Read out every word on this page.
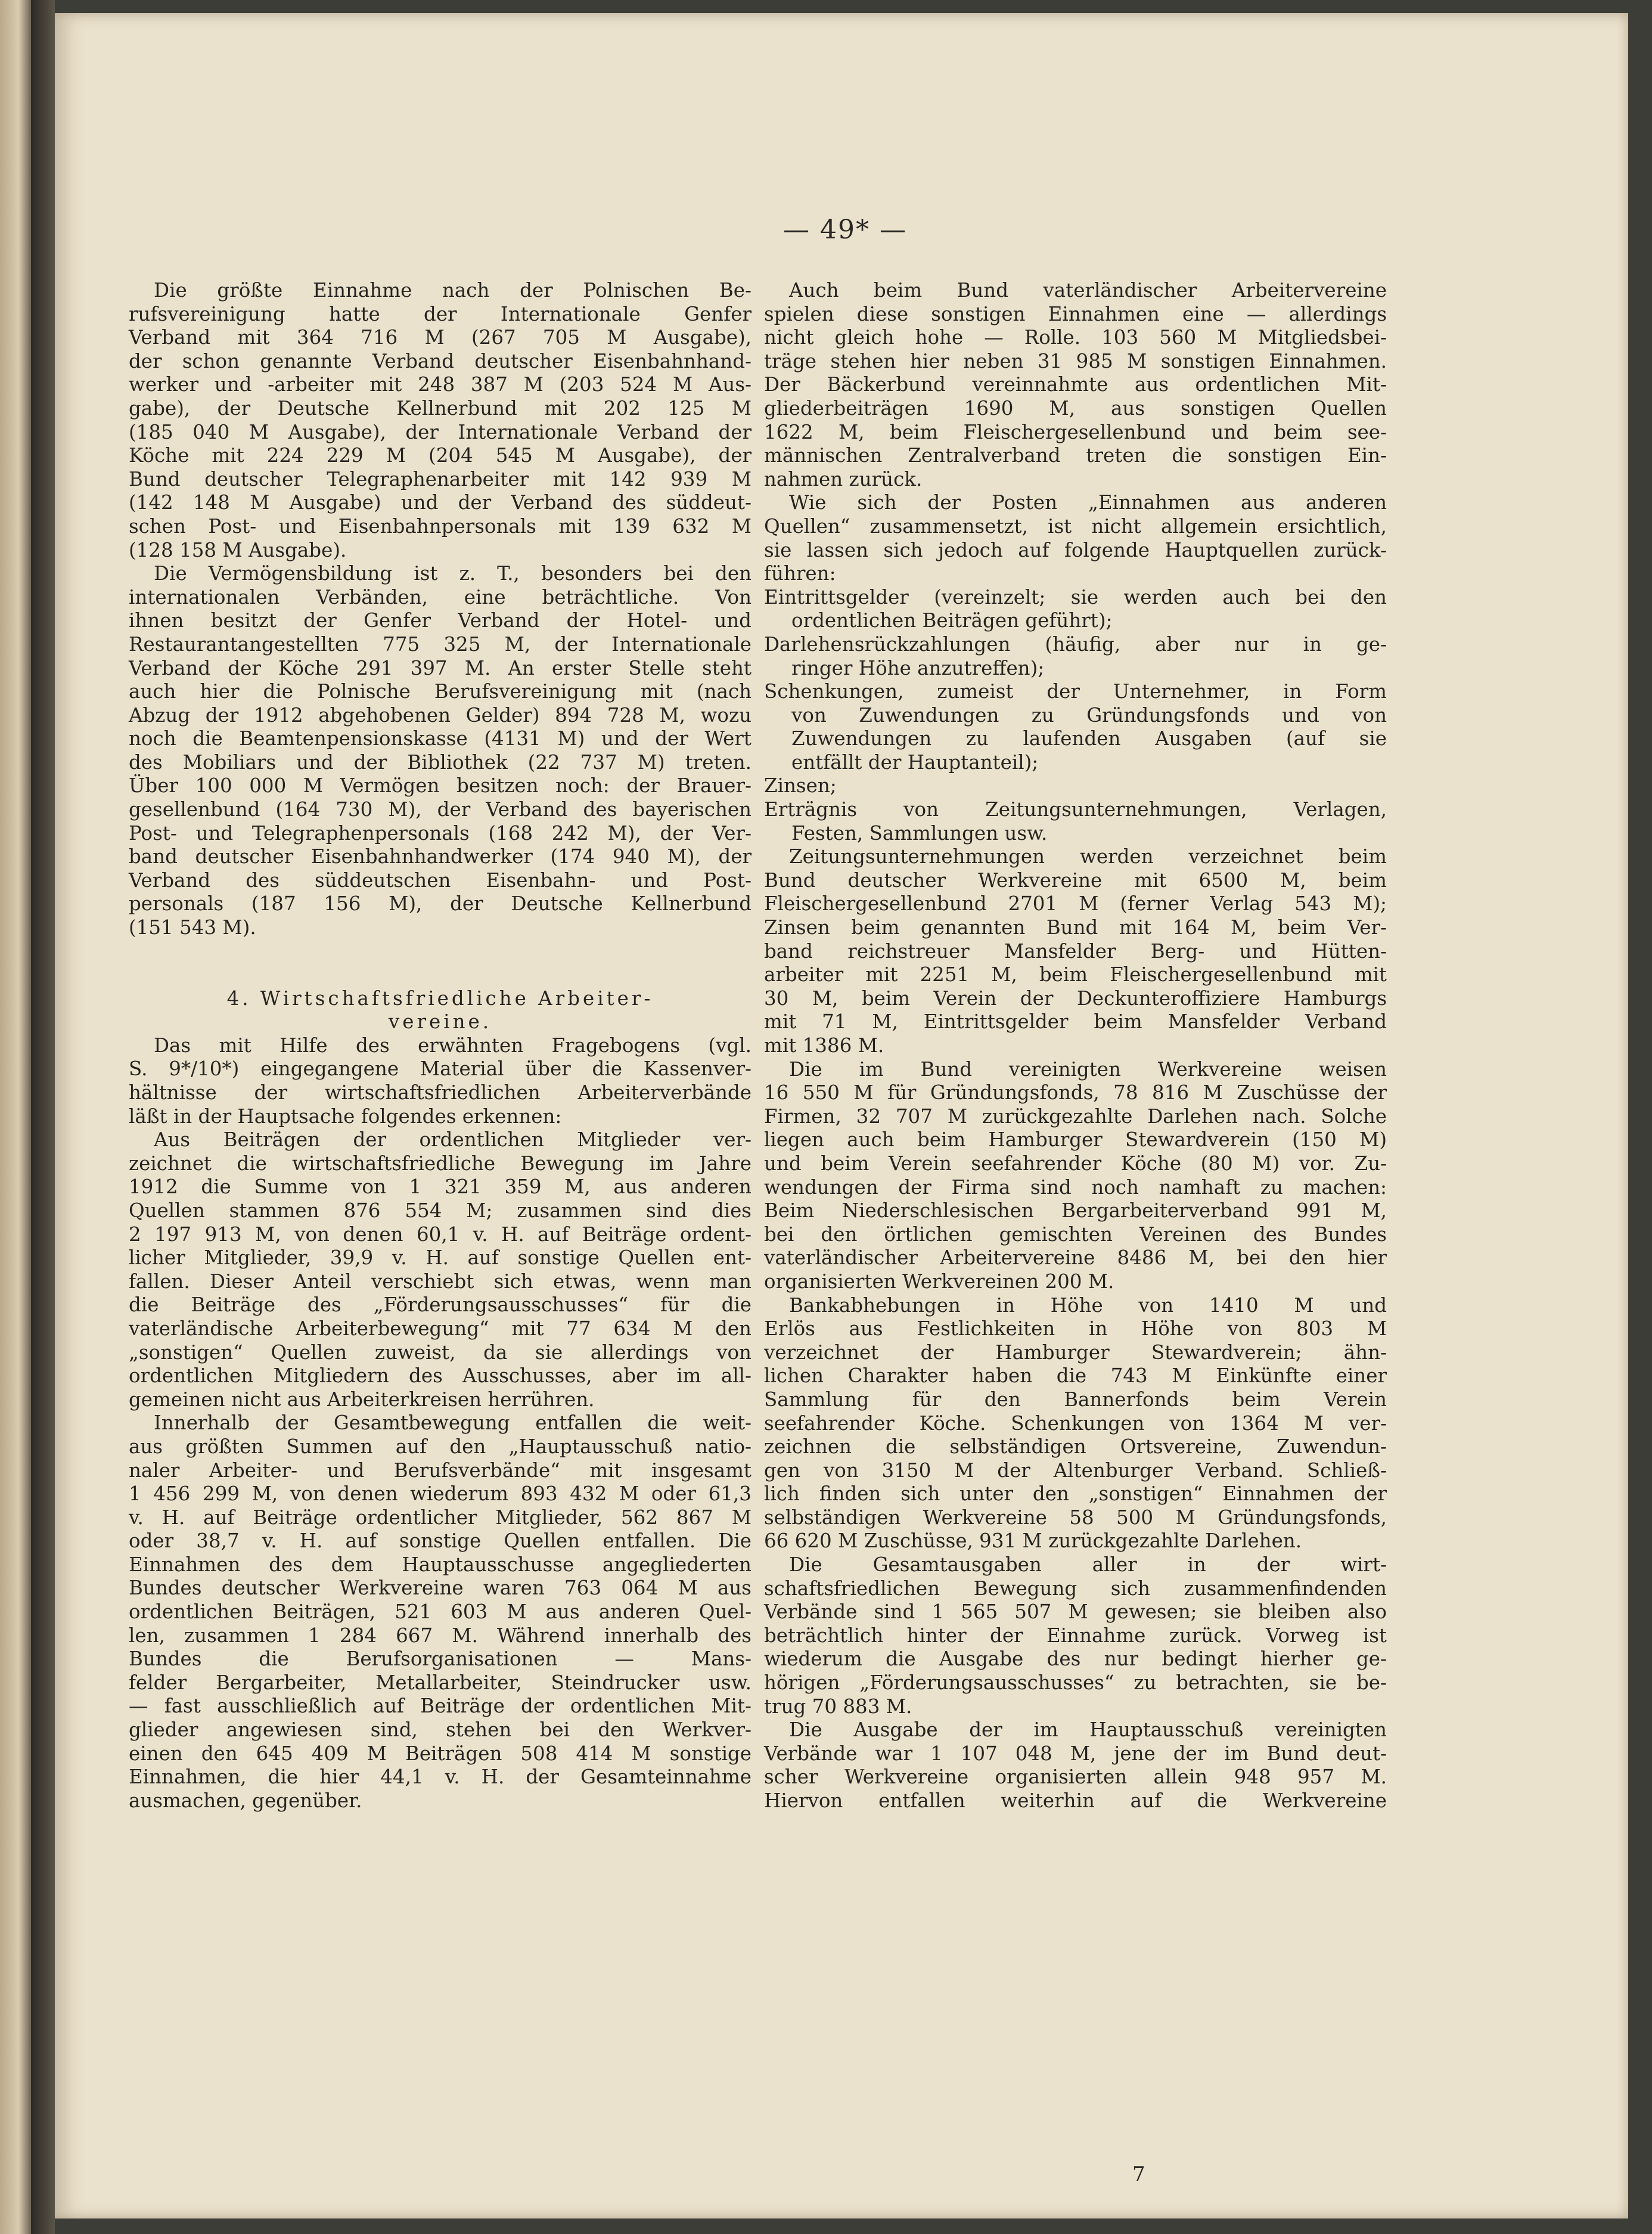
— 49* —
Die größte Einnahme nach der Polnischen Be-
rufsvereinigung hatte der Internationale Genfer
Verband mit 364 716 M (267 705 M Ausgabe),
der schon genannte Verband deutscher Eisenbahnhand-
werker und -arbeiter mit 248 387 M (203 524 M Aus-
gabe), der Deutsche Kellnerbund mit 202 125 M
(185 040 M Ausgabe), der Internationale Verband der
Köche mit 224 229 M (204 545 M Ausgabe), der
Bund deutscher Telegraphenarbeiter mit 142 939 M
(142 148 M Ausgabe) und der Verband des süddeut-
schen Post- und Eisenbahnpersonals mit 139 632 M
(128 158 M Ausgabe).
Die Vermögensbildung ist z. T., besonders bei den
internationalen Verbänden, eine beträchtliche. Von
ihnen besitzt der Genfer Verband der Hotel- und
Restaurantangestellten 775 325 M, der Internationale
Verband der Köche 291 397 M. An erster Stelle steht
auch hier die Polnische Berufsvereinigung mit (nach
Abzug der 1912 abgehobenen Gelder) 894 728 M, wozu
noch die Beamtenpensionskasse (4131 M) und der Wert
des Mobiliars und der Bibliothek (22 737 M) treten.
Über 100 000 M Vermögen besitzen noch: der Brauer-
gesellenbund (164 730 M), der Verband des bayerischen
Post- und Telegraphenpersonals (168 242 M), der Ver-
band deutscher Eisenbahnhandwerker (174 940 M), der
Verband des süddeutschen Eisenbahn- und Post-
personals (187 156 M), der Deutsche Kellnerbund
(151 543 M).
4. Wirtschaftsfriedliche Arbeiter-
vereine.
Das mit Hilfe des erwähnten Fragebogens (vgl.
S. 9*/10*) eingegangene Material über die Kassenver-
hältnisse der wirtschaftsfriedlichen Arbeiterverbände
läßt in der Hauptsache folgendes erkennen:
Aus Beiträgen der ordentlichen Mitglieder ver-
zeichnet die wirtschaftsfriedliche Bewegung im Jahre
1912 die Summe von 1 321 359 M, aus anderen
Quellen stammen 876 554 M; zusammen sind dies
2 197 913 M, von denen 60,1 v. H. auf Beiträge ordent-
licher Mitglieder, 39,9 v. H. auf sonstige Quellen ent-
fallen. Dieser Anteil verschiebt sich etwas, wenn man
die Beiträge des „Förderungsausschusses“ für die
vaterländische Arbeiterbewegung“ mit 77 634 M den
„sonstigen“ Quellen zuweist, da sie allerdings von
ordentlichen Mitgliedern des Ausschusses, aber im all-
gemeinen nicht aus Arbeiterkreisen herrühren.
Innerhalb der Gesamtbewegung entfallen die weit-
aus größten Summen auf den „Hauptausschuß natio-
naler Arbeiter- und Berufsverbände“ mit insgesamt
1 456 299 M, von denen wiederum 893 432 M oder 61,3
v. H. auf Beiträge ordentlicher Mitglieder, 562 867 M
oder 38,7 v. H. auf sonstige Quellen entfallen. Die
Einnahmen des dem Hauptausschusse angegliederten
Bundes deutscher Werkvereine waren 763 064 M aus
ordentlichen Beiträgen, 521 603 M aus anderen Quel-
len, zusammen 1 284 667 M. Während innerhalb des
Bundes die Berufsorganisationen — Mans-
felder Bergarbeiter, Metallarbeiter, Steindrucker usw.
— fast ausschließlich auf Beiträge der ordentlichen Mit-
glieder angewiesen sind, stehen bei den Werkver-
einen den 645 409 M Beiträgen 508 414 M sonstige
Einnahmen, die hier 44,1 v. H. der Gesamteinnahme
ausmachen, gegenüber.
Auch beim Bund vaterländischer Arbeitervereine
spielen diese sonstigen Einnahmen eine — allerdings
nicht gleich hohe — Rolle. 103 560 M Mitgliedsbei-
träge stehen hier neben 31 985 M sonstigen Einnahmen.
Der Bäckerbund vereinnahmte aus ordentlichen Mit-
gliederbeiträgen 1690 M, aus sonstigen Quellen
1622 M, beim Fleischergesellenbund und beim see-
männischen Zentralverband treten die sonstigen Ein-
nahmen zurück.
Wie sich der Posten „Einnahmen aus anderen
Quellen“ zusammensetzt, ist nicht allgemein ersichtlich,
sie lassen sich jedoch auf folgende Hauptquellen zurück-
führen:
Eintrittsgelder (vereinzelt; sie werden auch bei den
ordentlichen Beiträgen geführt);
Darlehensrückzahlungen (häufig, aber nur in ge-
ringer Höhe anzutreffen);
Schenkungen, zumeist der Unternehmer, in Form
von Zuwendungen zu Gründungsfonds und von
Zuwendungen zu laufenden Ausgaben (auf sie
entfällt der Hauptanteil);
Zinsen;
Erträgnis von Zeitungsunternehmungen, Verlagen,
Festen, Sammlungen usw.
Zeitungsunternehmungen werden verzeichnet beim
Bund deutscher Werkvereine mit 6500 M, beim
Fleischergesellenbund 2701 M (ferner Verlag 543 M);
Zinsen beim genannten Bund mit 164 M, beim Ver-
band reichstreuer Mansfelder Berg- und Hütten-
arbeiter mit 2251 M, beim Fleischergesellenbund mit
30 M, beim Verein der Deckunteroffiziere Hamburgs
mit 71 M, Eintrittsgelder beim Mansfelder Verband
mit 1386 M.
Die im Bund vereinigten Werkvereine weisen
16 550 M für Gründungsfonds, 78 816 M Zuschüsse der
Firmen, 32 707 M zurückgezahlte Darlehen nach. Solche
liegen auch beim Hamburger Stewardverein (150 M)
und beim Verein seefahrender Köche (80 M) vor. Zu-
wendungen der Firma sind noch namhaft zu machen:
Beim Niederschlesischen Bergarbeiterverband 991 M,
bei den örtlichen gemischten Vereinen des Bundes
vaterländischer Arbeitervereine 8486 M, bei den hier
organisierten Werkvereinen 200 M.
Bankabhebungen in Höhe von 1410 M und
Erlös aus Festlichkeiten in Höhe von 803 M
verzeichnet der Hamburger Stewardverein; ähn-
lichen Charakter haben die 743 M Einkünfte einer
Sammlung für den Bannerfonds beim Verein
seefahrender Köche. Schenkungen von 1364 M ver-
zeichnen die selbständigen Ortsvereine, Zuwendun-
gen von 3150 M der Altenburger Verband. Schließ-
lich finden sich unter den „sonstigen“ Einnahmen der
selbständigen Werkvereine 58 500 M Gründungsfonds,
66 620 M Zuschüsse, 931 M zurückgezahlte Darlehen.
Die Gesamtausgaben aller in der wirt-
schaftsfriedlichen Bewegung sich zusammenfindenden
Verbände sind 1 565 507 M gewesen; sie bleiben also
beträchtlich hinter der Einnahme zurück. Vorweg ist
wiederum die Ausgabe des nur bedingt hierher ge-
hörigen „Förderungsausschusses“ zu betrachten, sie be-
trug 70 883 M.
Die Ausgabe der im Hauptausschuß vereinigten
Verbände war 1 107 048 M, jene der im Bund deut-
scher Werkvereine organisierten allein 948 957 M.
Hiervon entfallen weiterhin auf die Werkvereine
7
